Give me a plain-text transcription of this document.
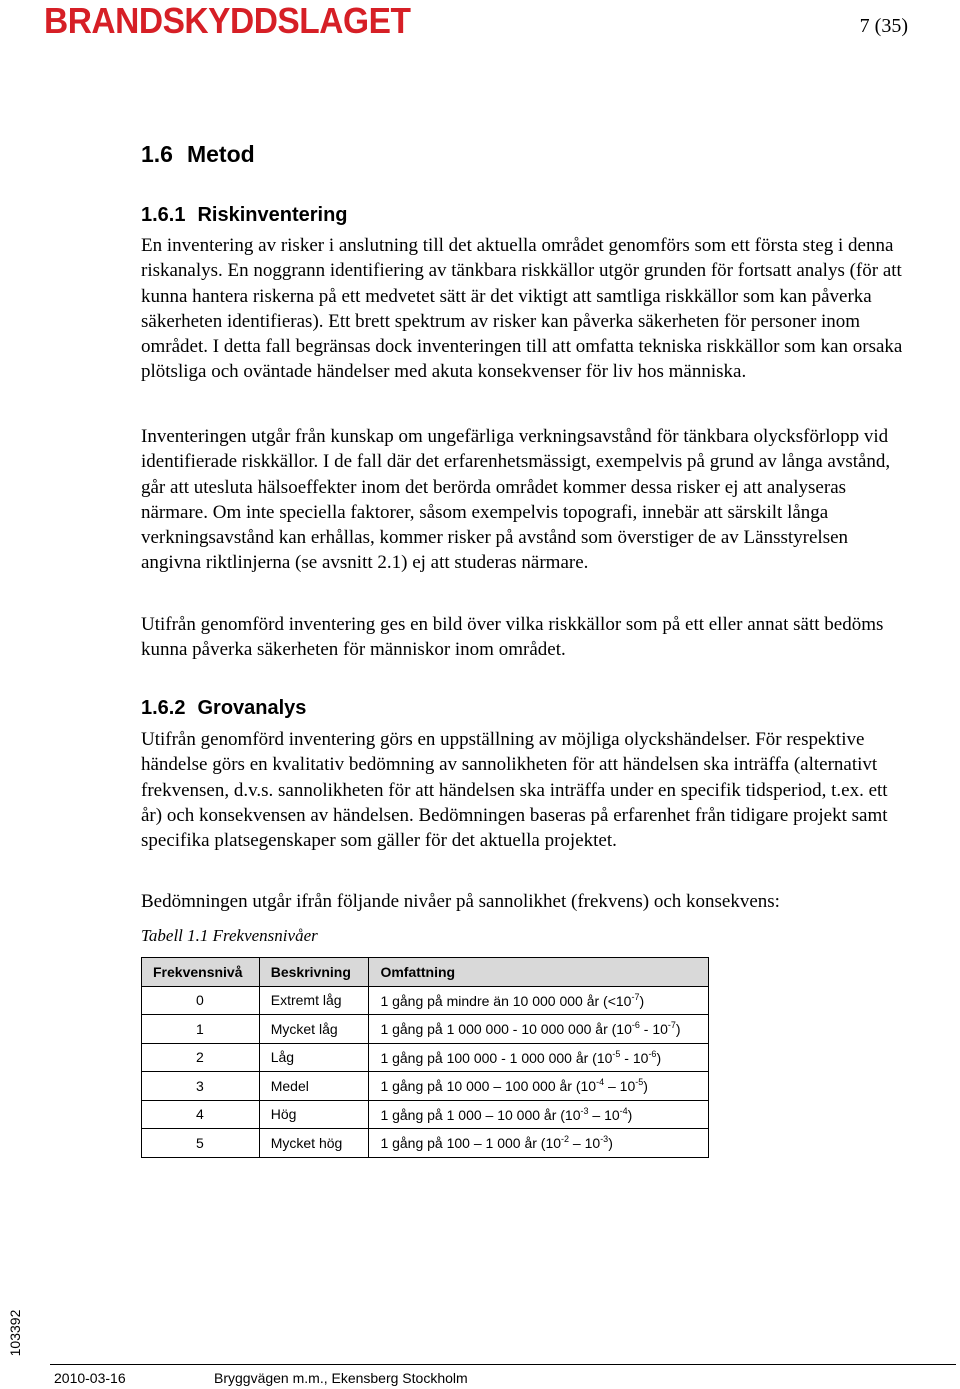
BRANDSKYDDSLAGET	7 (35)
1.6 Metod
1.6.1 Riskinventering

En inventering av risker i anslutning till det aktuella området genomförs som ett första steg i denna riskanalys. En noggrann identifiering av tänkbara riskkällor utgör grunden för fortsatt analys (för att kunna hantera riskerna på ett medvetet sätt är det viktigt att samtliga riskkällor som kan påverka säkerheten identifieras). Ett brett spektrum av risker kan påverka säkerheten för personer inom området. I detta fall begränsas dock inventeringen till att omfatta tekniska riskkällor som kan orsaka plötsliga och oväntade händelser med akuta konsekvenser för liv hos människa.

Inventeringen utgår från kunskap om ungefärliga verkningsavstånd för tänkbara olycksförlopp vid identifierade riskkällor. I de fall där det erfarenhetsmässigt, exempelvis på grund av långa avstånd, går att utesluta hälsoeffekter inom det berörda området kommer dessa risker ej att analyseras närmare. Om inte speciella faktorer, såsom exempelvis topografi, innebär att särskilt långa verkningsavstånd kan erhållas, kommer risker på avstånd som överstiger de av Länsstyrelsen angivna riktlinjerna (se avsnitt 2.1) ej att studeras närmare.

Utifrån genomförd inventering ges en bild över vilka riskkällor som på ett eller annat sätt bedöms kunna påverka säkerheten för människor inom området.

1.6.2 Grovanalys

Utifrån genomförd inventering görs en uppställning av möjliga olyckshändelser. För respektive händelse görs en kvalitativ bedömning av sannolikheten för att händelsen ska inträffa (alternativt frekvensen, d.v.s. sannolikheten för att händelsen ska inträffa under en specifik tidsperiod, t.ex. ett år) och konsekvensen av händelsen. Bedömningen baseras på erfarenhet från tidigare projekt samt specifika platsegenskaper som gäller för det aktuella projektet.

Bedömningen utgår ifrån följande nivåer på sannolikhet (frekvens) och konsekvens:

Tabell 1.1 Frekvensnivåer
Frekvensnivå	Beskrivning	Omfattning
0	Extremt låg	1 gång på mindre än 10 000 000 år $(<10^{-7})$
1	Mycket låg	1 gång på 1 000 000 - 10 000 000 år $(10^{-6} - 10^{-7})$
2	Låg	1 gång på 100 000 - 1 000 000 år $(10^{-5} - 10^{-6})$
3	Medel	1 gång på 10 000 – 100 000 år $(10^{-4} - 10^{-5})$
4	Hög	1 gång på 1 000 – 10 000 år $(10^{-3} - 10^{-4})$
5	Mycket hög	1 gång på 100 – 1 000 år $(10^{-2} - 10^{-3})$
103392
2010-03-16	Bryggvägen m.m., Ekensberg Stockholm
